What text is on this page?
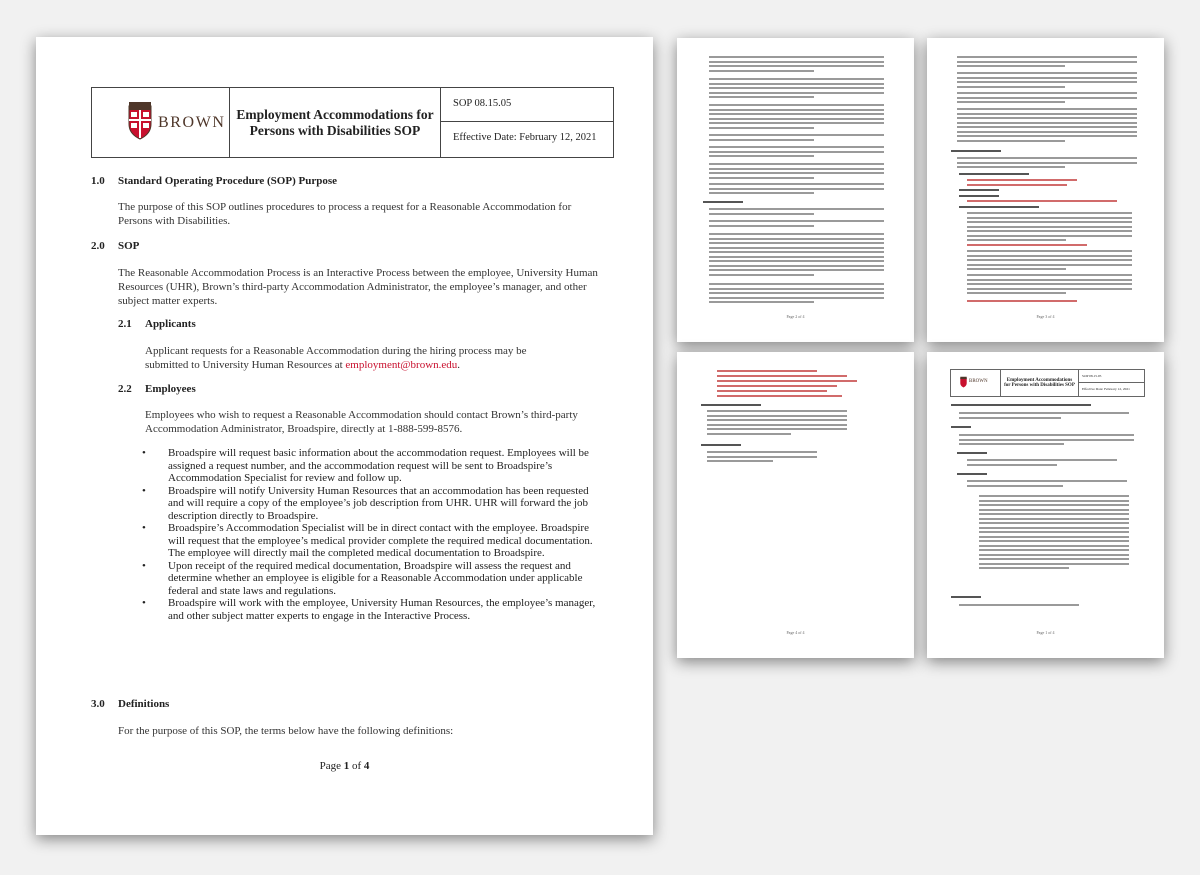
BROWN Employment Accommodations for Persons with Disabilities SOP
SOP 08.15.05
Effective Date: February 12, 2021
1.0 Standard Operating Procedure (SOP) Purpose
The purpose of this SOP outlines procedures to process a request for a Reasonable Accommodation for Persons with Disabilities.
2.0 SOP
The Reasonable Accommodation Process is an Interactive Process between the employee, University Human Resources (UHR), Brown’s third-party Accommodation Administrator, the employee’s manager, and other subject matter experts.
2.1 Applicants
Applicant requests for a Reasonable Accommodation during the hiring process may be submitted to University Human Resources at employment@brown.edu.
2.2 Employees
Employees who wish to request a Reasonable Accommodation should contact Brown’s third-party Accommodation Administrator, Broadspire, directly at 1-888-599-8576.
• Broadspire will request basic information about the accommodation request. Employees will be assigned a request number, and the accommodation request will be sent to Broadspire’s Accommodation Specialist for review and follow up.
• Broadspire will notify University Human Resources that an accommodation has been requested and will require a copy of the employee’s job description from UHR. UHR will forward the job description directly to Broadspire.
• Broadspire’s Accommodation Specialist will be in direct contact with the employee. Broadspire will request that the employee’s medical provider complete the required medical documentation. The employee will directly mail the completed medical documentation to Broadspire.
• Upon receipt of the required medical documentation, Broadspire will assess the request and determine whether an employee is eligible for a Reasonable Accommodation under applicable federal and state laws and regulations.
• Broadspire will work with the employee, University Human Resources, the employee’s manager, and other subject matter experts to engage in the Interactive Process.
3.0 Definitions
For the purpose of this SOP, the terms below have the following definitions:
Page 1 of 4
Page 2 of 4	Page 3 of 4
Page 4 of 4
BROWN	Employment Accommodations for Persons with Disabilities SOP
SOP 08.15.05
Effective Date: February 12, 2021
Page 1 of 4
